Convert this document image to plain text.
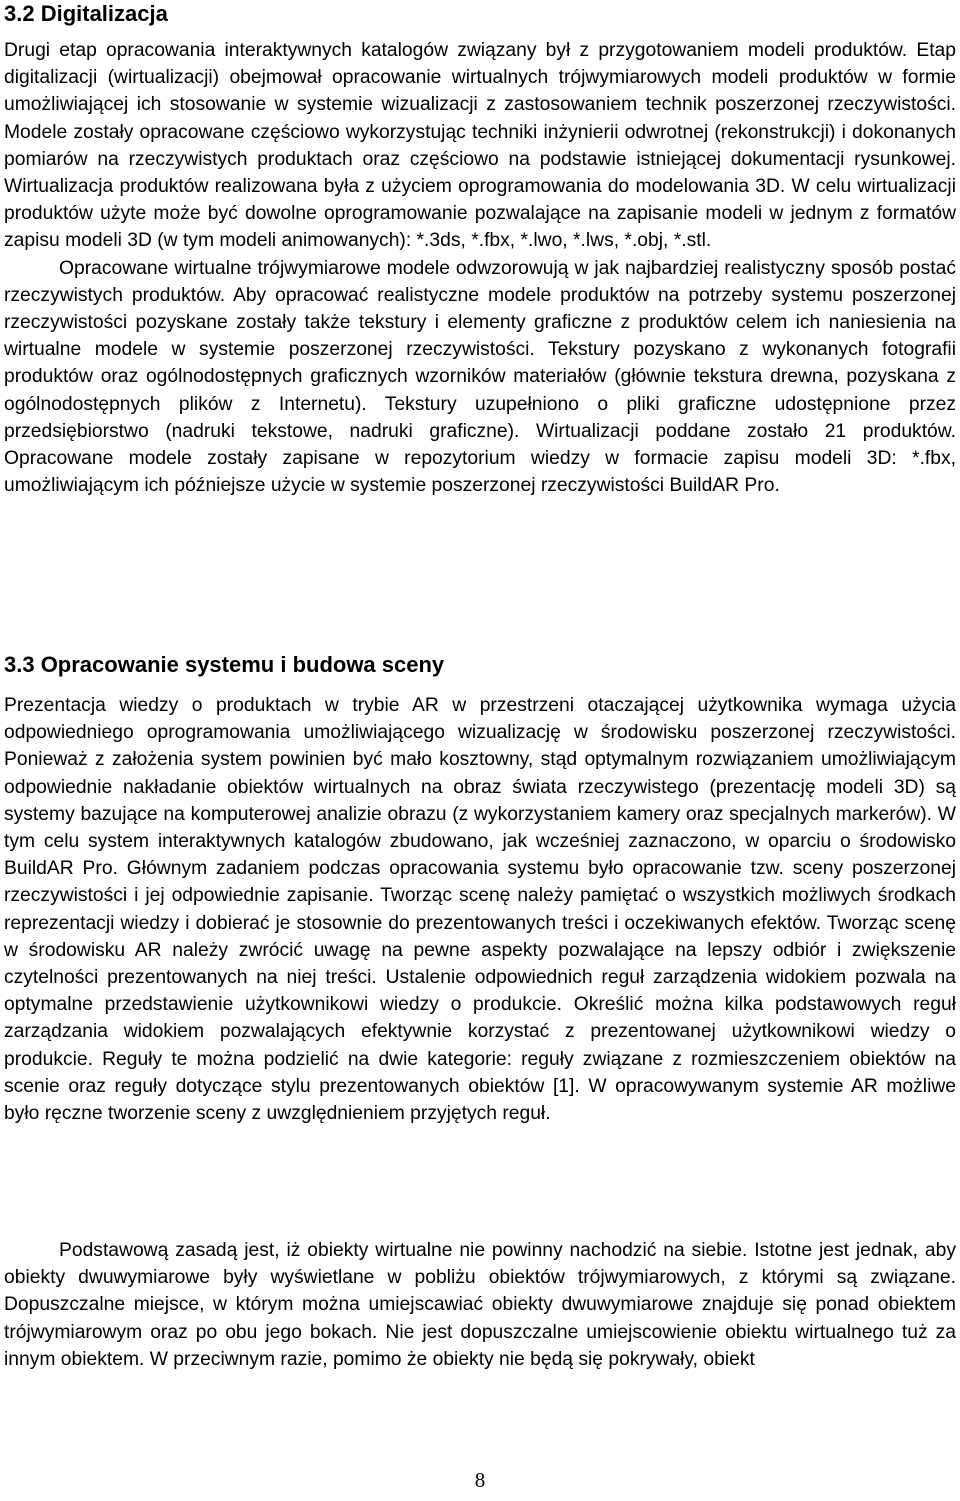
3.2 Digitalizacja

Drugi etap opracowania interaktywnych katalogów związany był z przygotowaniem modeli produktów. Etap digitalizacji (wirtualizacji) obejmował opracowanie wirtualnych trójwymiarowych modeli produktów w formie umożliwiającej ich stosowanie w systemie wizualizacji z zastosowaniem technik poszerzonej rzeczywistości. Modele zostały opracowane częściowo wykorzystując techniki inżynierii odwrotnej (rekonstrukcji) i dokonanych pomiarów na rzeczywistych produktach oraz częściowo na podstawie istniejącej dokumentacji rysunkowej. Wirtualizacja produktów realizowana była z użyciem oprogramowania do modelowania 3D. W celu wirtualizacji produktów użyte może być dowolne oprogramowanie pozwalające na zapisanie modeli w jednym z formatów zapisu modeli 3D (w tym modeli animowanych): *.3ds, *.fbx, *.lwo, *.lws, *.obj, *.stl.
Opracowane wirtualne trójwymiarowe modele odwzorowują w jak najbardziej realistyczny sposób postać rzeczywistych produktów. Aby opracować realistyczne modele produktów na potrzeby systemu poszerzonej rzeczywistości pozyskane zostały także tekstury i elementy graficzne z produktów celem ich naniesienia na wirtualne modele w systemie poszerzonej rzeczywistości. Tekstury pozyskano z wykonanych fotografii produktów oraz ogólnodostępnych graficznych wzorników materiałów (głównie tekstura drewna, pozyskana z ogólnodostępnych plików z Internetu). Tekstury uzupełniono o pliki graficzne udostępnione przez przedsiębiorstwo (nadruki tekstowe, nadruki graficzne). Wirtualizacji poddane zostało 21 produktów. Opracowane modele zostały zapisane w repozytorium wiedzy w formacie zapisu modeli 3D: *.fbx, umożliwiającym ich późniejsze użycie w systemie poszerzonej rzeczywistości BuildAR Pro.

3.3 Opracowanie systemu i budowa sceny

Prezentacja wiedzy o produktach w trybie AR w przestrzeni otaczającej użytkownika wymaga użycia odpowiedniego oprogramowania umożliwiającego wizualizację w środowisku poszerzonej rzeczywistości. Ponieważ z założenia system powinien być mało kosztowny, stąd optymalnym rozwiązaniem umożliwiającym odpowiednie nakładanie obiektów wirtualnych na obraz świata rzeczywistego (prezentację modeli 3D) są systemy bazujące na komputerowej analizie obrazu (z wykorzystaniem kamery oraz specjalnych markerów). W tym celu system interaktywnych katalogów zbudowano, jak wcześniej zaznaczono, w oparciu o środowisko BuildAR Pro. Głównym zadaniem podczas opracowania systemu było opracowanie tzw. sceny poszerzonej rzeczywistości i jej odpowiednie zapisanie. Tworząc scenę należy pamiętać o wszystkich możliwych środkach reprezentacji wiedzy i dobierać je stosownie do prezentowanych treści i oczekiwanych efektów. Tworząc scenę w środowisku AR należy zwrócić uwagę na pewne aspekty pozwalające na lepszy odbiór i zwiększenie czytelności prezentowanych na niej treści. Ustalenie odpowiednich reguł zarządzenia widokiem pozwala na optymalne przedstawienie użytkownikowi wiedzy o produkcie. Określić można kilka podstawowych reguł zarządzania widokiem pozwalających efektywnie korzystać z prezentowanej użytkownikowi wiedzy o produkcie. Reguły te można podzielić na dwie kategorie: reguły związane z rozmieszczeniem obiektów na scenie oraz reguły dotyczące stylu prezentowanych obiektów [1]. W opracowywanym systemie AR możliwe było ręczne tworzenie sceny z uwzględnieniem przyjętych reguł.

Podstawową zasadą jest, iż obiekty wirtualne nie powinny nachodzić na siebie. Istotne jest jednak, aby obiekty dwuwymiarowe były wyświetlane w pobliżu obiektów trójwymiarowych, z którymi są związane. Dopuszczalne miejsce, w którym można umiejscawiać obiekty dwuwymiarowe znajduje się ponad obiektem trójwymiarowym oraz po obu jego bokach. Nie jest dopuszczalne umiejscowienie obiektu wirtualnego tuż za innym obiektem. W przeciwnym razie, pomimo że obiekty nie będą się pokrywały, obiekt

8
